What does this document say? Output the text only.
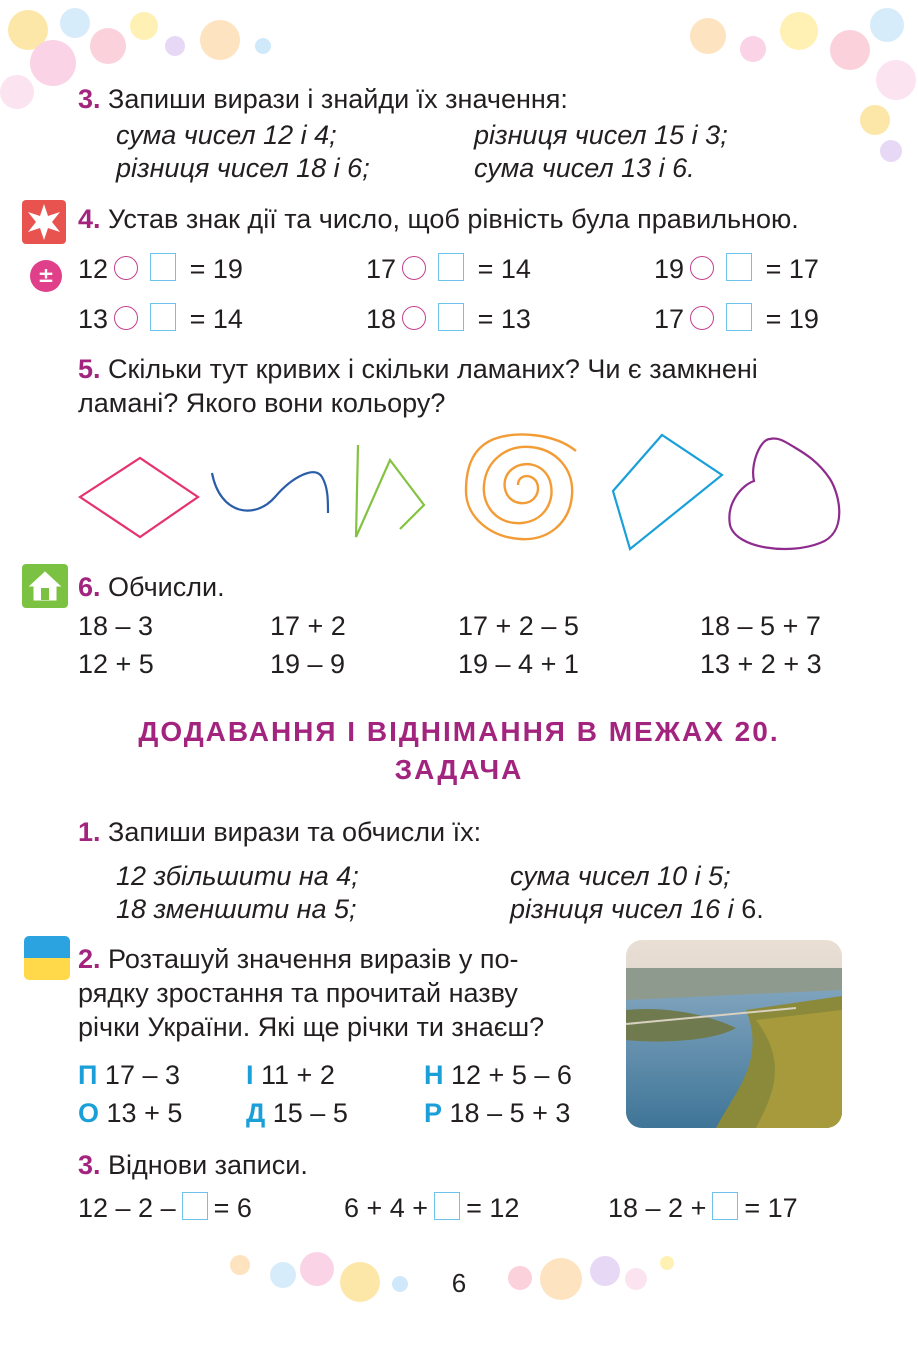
3. Запиши вирази і знайди їх значення:
сума чисел 12 і 4;	різниця чисел 15 і 3;
різниця чисел 18 і 6;	сума чисел 13 і 6.
±
4. Устав знак дії та число, щоб рівність була правильною.
12	= 19	17	= 14	19	= 17
13	= 14	18	= 13	17	= 19
5. Скільки тут кривих і скільки ламаних? Чи є замкнені
ламані? Якого вони кольору?
6. Обчисли.
18 – 3	17 + 2	17 + 2 – 5	18 – 5 + 7
12 + 5	19 – 9	19 – 4 + 1	13 + 2 + 3
ДОДАВАННЯ І ВІДНІМАННЯ В МЕЖАХ 20.
ЗАДАЧА
1. Запиши вирази та обчисли їх:
12 збільшити на 4;	сума чисел 10 і 5;
18 зменшити на 5;	різниця чисел 16 і 6.
2. Розташуй значення виразів у по-
рядку зростання та прочитай назву
річки України. Які ще річки ти знаєш?
П 17 – 3 І 11 + 2	Н 12 + 5 – 6
О 13 + 5 Д 15 – 5	Р 18 – 5 + 3
3. Віднови записи.
12 – 2 – = 6	6 + 4 + = 12	18 – 2 + = 17
6
